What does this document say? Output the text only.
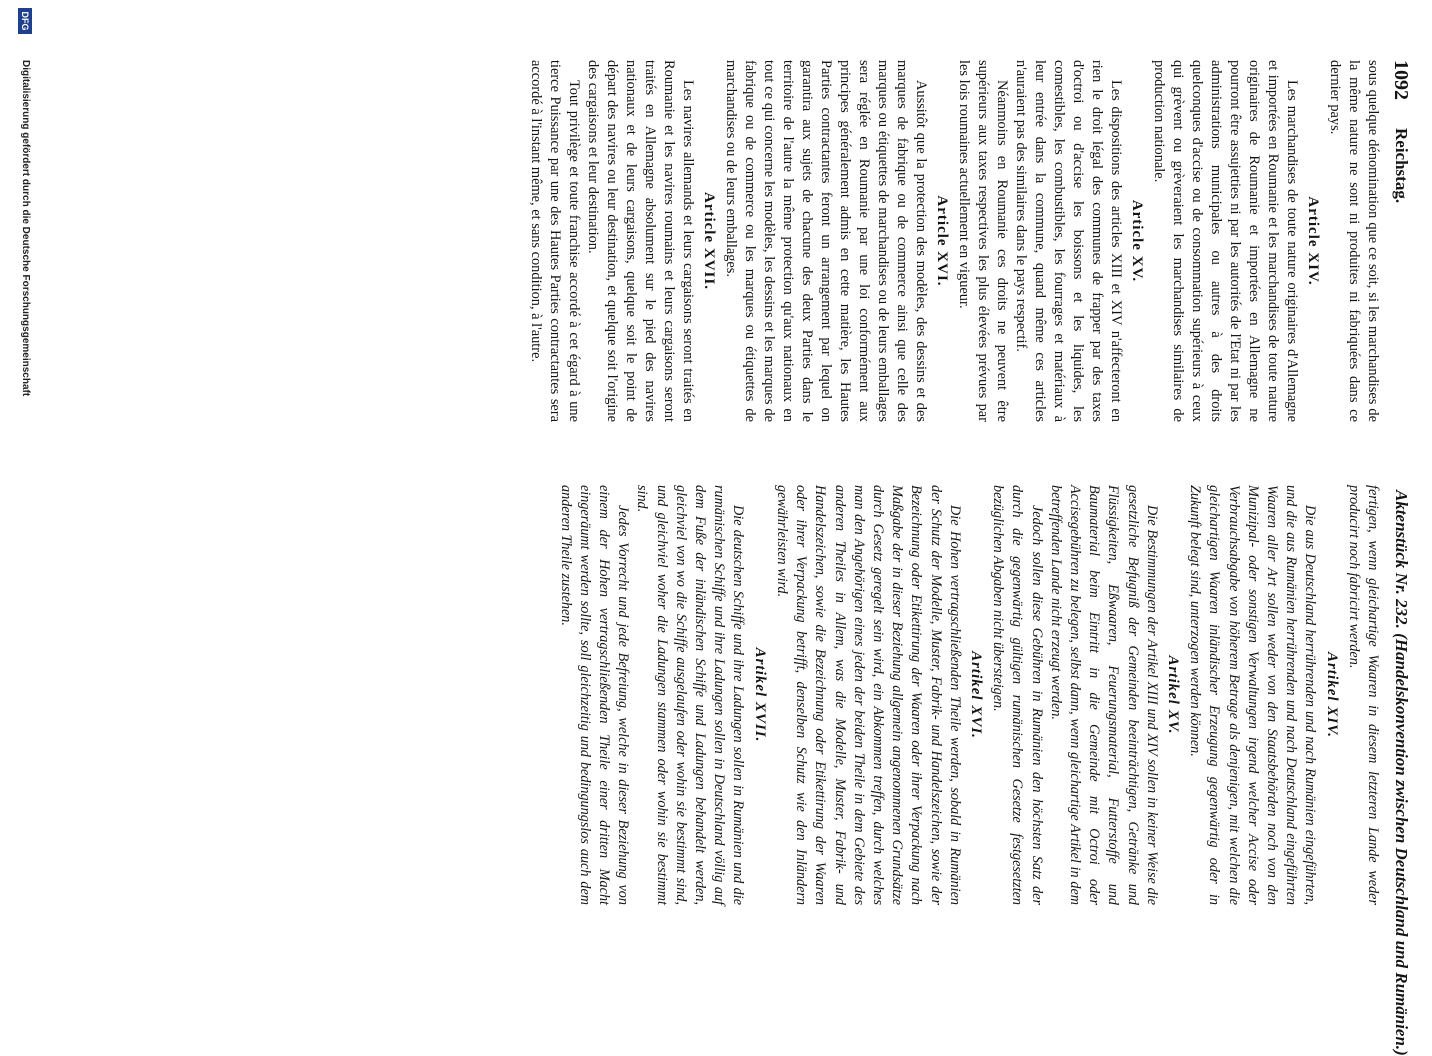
1092
Reichstag.
Aktenstück Nr. 232. (Handelskonvention zwischen Deutschland und Rumänien.)

sous quelque dénomination que ce soit, si les marchandises de la même nature ne sont ni produites ni fabriquées dans ce dernier pays.

Article XIV.

Les marchandises de toute nature originaires d'Allemagne et importées en Roumanie et les marchandises de toute nature originaires de Roumanie et importées en Allemagne ne pourront être assujetties ni par les autorités de l'Etat ni par les administrations municipales ou autres à des droits quelconques d'accise ou de consommation supérieurs à ceux qui grèvent ou grèveraient les marchandises similaires de production nationale.

Article XV.

Les dispositions des articles XIII et XIV n'affecteront en rien le droit légal des communes de frapper par des taxes d'octroi ou d'accise les boissons et les liquides, les comestibles, les combustibles, les fourrages et matériaux à leur entrée dans la commune, quand même ces articles n'auraient pas des similaires dans le pays respectif.

Néanmoins en Roumanie ces droits ne peuvent être supérieurs aux taxes respectives les plus élevées prévues par les lois roumaines actuellement en vigueur.

Article XVI.

Aussitôt que la protection des modèles, des dessins et des marques de fabrique ou de commerce ainsi que celle des marques ou étiquettes de marchandises ou de leurs emballages sera réglée en Roumanie par une loi conformément aux principes généralement admis en cette matière, les Hautes Parties contractantes feront un arrangement par lequel on garantira aux sujets de chacune des deux Parties dans le territoire de l'autre la même protection qu'aux nationaux en tout ce qui concerne les modèles, les dessins et les marques de fabrique ou de commerce ou les marques ou étiquettes de marchandises ou de leurs emballages.

Article XVII.

Les navires allemands et leurs cargaisons seront traités en Roumanie et les navires roumains et leurs cargaisons seront traités en Allemagne absolument sur le pied des navires nationaux et de leurs cargaisons, quelque soit le point de départ des navires ou leur destination, et quelque soit l'origine des cargaisons et leur destination.

Tout privilège et toute franchise accordé à cet égard à une tierce Puissance par une des Hautes Parties contractantes sera accordé à l'instant même, et sans condition, à l'autre.

fertigen, wenn gleichartige Waaren in diesem letzteren Lande weder producirt noch fabricirt werden.

Artikel XIV.

Die aus Deutschland herrührenden und nach Rumänien eingeführten, und die aus Rumänien herrührenden und nach Deutschland eingeführten Waaren aller Art sollen weder von den Staatsbehörden noch von den Munizipal- oder sonstigen Verwaltungen irgend welcher Accise oder Verbrauchsabgabe von höherem Betrage als denjenigen, mit welchen die gleichartigen Waaren inländischer Erzeugung gegenwärtig oder in Zukunft belegt sind, unterzogen werden können.

Artikel XV.

Die Bestimmungen der Artikel XIII und XIV sollen in keiner Weise die gesetzliche Befugniß der Gemeinden beeinträchtigen, Getränke und Flüssigkeiten, Eßwaaren, Feuerungsmaterial, Futterstoffe und Baumaterial beim Eintritt in die Gemeinde mit Octroi oder Accisegebühren zu belegen, selbst dann, wenn gleichartige Artikel in dem betreffenden Lande nicht erzeugt werden.

Jedoch sollen diese Gebühren in Rumänien den höchsten Satz der durch die gegenwärtig gültigen rumänischen Gesetze festgesetzten bezüglichen Abgaben nicht übersteigen.

Artikel XVI.

Die Hohen vertragschließenden Theile werden, sobald in Rumänien der Schutz der Modelle, Muster, Fabrik- und Handelszeichen, sowie der Bezeichnung oder Etikettirung der Waaren oder ihrer Verpackung nach Maßgabe der in dieser Beziehung allgemein angenommenen Grundsätze durch Gesetz geregelt sein wird, ein Abkommen treffen, durch welches man den Angehörigen eines jeden der beiden Theile in dem Gebiete des anderen Theiles in Allem, was die Modelle, Muster, Fabrik- und Handelszeichen, sowie die Bezeichnung oder Etikettirung der Waaren oder ihrer Verpackung betrifft, denselben Schutz wie den Inländern gewährleisten wird.

Artikel XVII.

Die deutschen Schiffe und ihre Ladungen sollen in Rumänien und die rumänischen Schiffe und ihre Ladungen sollen in Deutschland völlig auf dem Fuße der inländischen Schiffe und Ladungen behandelt werden, gleichviel von wo die Schiffe ausgelaufen oder wohin sie bestimmt sind, und gleichviel woher die Ladungen stammen oder wohin sie bestimmt sind.

Jedes Vorrecht und jede Befreiung, welche in dieser Beziehung von einem der Hohen vertragschließenden Theile einer dritten Macht eingeräumt werden sollte, soll gleichzeitig und bedingungslos auch dem anderen Theile zustehen.

DFG
Digitalisierung gefördert durch die Deutsche Forschungsgemeinschaft
